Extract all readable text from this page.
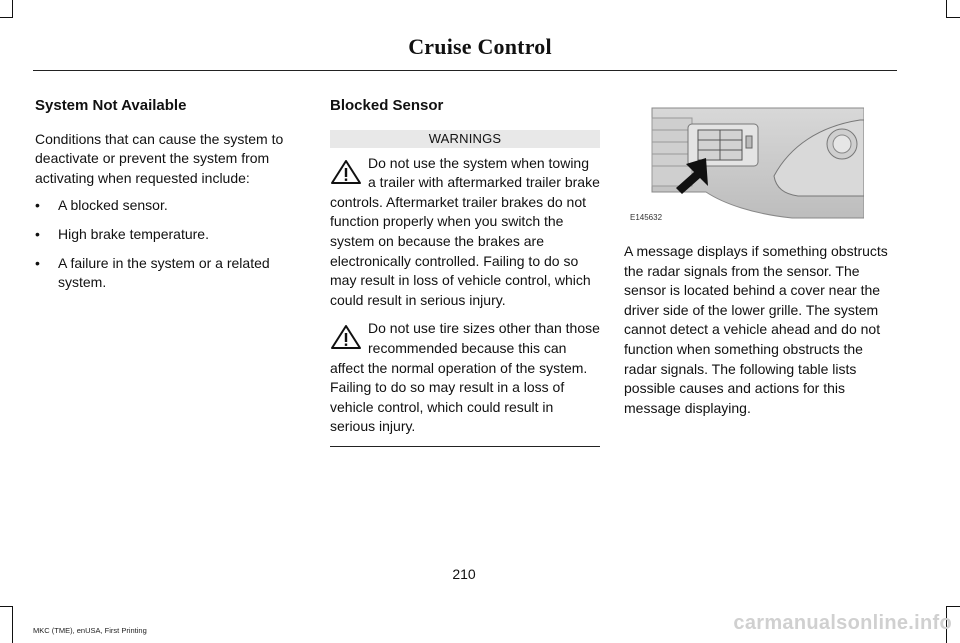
Cruise Control
System Not Available

Conditions that can cause the system to deactivate or prevent the system from activating when requested include:

• A blocked sensor.
• High brake temperature.
• A failure in the system or a related system.
Blocked Sensor
WARNINGS
Do not use the system when towing a trailer with aftermarked trailer brake controls. Aftermarket trailer brakes do not function properly when you switch the system on because the brakes are electronically controlled. Failing to do so may result in loss of vehicle control, which could result in serious injury.
Do not use tire sizes other than those recommended because this can affect the normal operation of the system. Failing to do so may result in a loss of vehicle control, which could result in serious injury.
E145632

A message displays if something obstructs the radar signals from the sensor. The sensor is located behind a cover near the driver side of the lower grille. The system cannot detect a vehicle ahead and do not function when something obstructs the radar signals. The following table lists possible causes and actions for this message displaying.

210
MKC (TME), enUSA, First Printing	carmanualsonline.info
